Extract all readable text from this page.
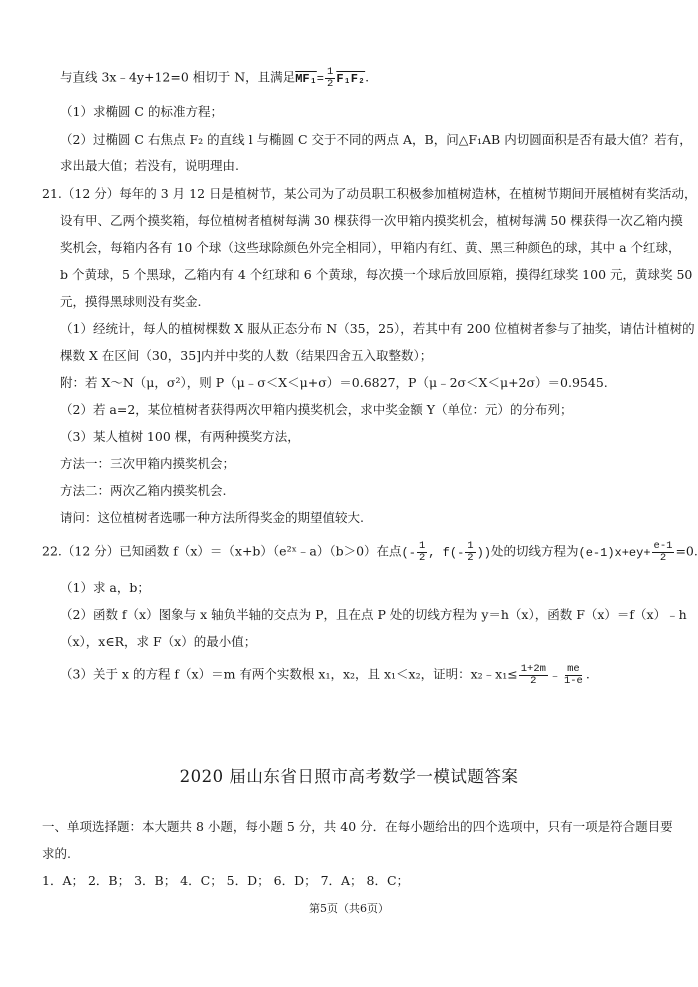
与直线 3x﹣4y+12=0 相切于 N，且满足$MF_1= \frac{1}{2} F_1F_2$.
（1）求椭圆 C 的标准方程；
（2）过椭圆 C 右焦点 F₂ 的直线 l 与椭圆 C 交于不同的两点 A，B，问△F₁AB 内切圆面积是否有最大值？若有，
求出最大值；若没有，说明理由.
21.（12 分）每年的 3 月 12 日是植树节，某公司为了动员职工积极参加植树造林，在植树节期间开展植树有奖活动，
设有甲、乙两个摸奖箱，每位植树者植树每满 30 棵获得一次甲箱内摸奖机会，植树每满 50 棵获得一次乙箱内摸
奖机会，每箱内各有 10 个球（这些球除颜色外完全相同），甲箱内有红、黄、黑三种颜色的球，其中 a 个红球，
b 个黄球，5 个黑球，乙箱内有 4 个红球和 6 个黄球，每次摸一个球后放回原箱，摸得红球奖 100 元，黄球奖 50
元，摸得黑球则没有奖金.
（1）经统计，每人的植树棵数 X 服从正态分布 N（35，25），若其中有 200 位植树者参与了抽奖，请估计植树的
棵数 X 在区间（30，35]内并中奖的人数（结果四舍五入取整数）；
附：若 X～N（μ，σ²），则 P（μ﹣σ＜X＜μ+σ）＝0.6827，P（μ﹣2σ＜X＜μ+2σ）＝0.9545.
（2）若 a=2，某位植树者获得两次甲箱内摸奖机会，求中奖金额 Y（单位：元）的分布列；
（3）某人植树 100 棵，有两种摸奖方法，
方法一：三次甲箱内摸奖机会；
方法二：两次乙箱内摸奖机会.
请问：这位植树者选哪一种方法所得奖金的期望值较大.
22.（12 分）已知函数 f（x）＝（x+b）（e²ˣ﹣a）（b＞0）在点(- $\frac{1}{2}$ , $f(- \frac{1}{2}$ ))处的切线方程为$(e-1)x+ey+ \frac{e-1}{2} =0$.
（1）求 a，b；
（2）函数 f（x）图象与 x 轴负半轴的交点为 P，且在点 P 处的切线方程为 y＝h（x），函数 F（x）＝f（x）﹣h
（x），x∈R，求 F（x）的最小值；
（3）关于 x 的方程 f（x）＝m 有两个实数根 x₁，x₂，且 x₁＜x₂，证明：x₂﹣x₁≤ $\frac{1+2m}{2}$ ﹣ $\frac{me}{1-e}$ .
2020 届山东省日照市高考数学一模试题答案
一、单项选择题：本大题共 8 小题，每小题 5 分，共 40 分．在每小题给出的四个选项中，只有一项是符合题目要
求的.
1．A； 2．B； 3．B； 4．C； 5．D； 6．D； 7．A； 8．C；
第5页（共6页）
